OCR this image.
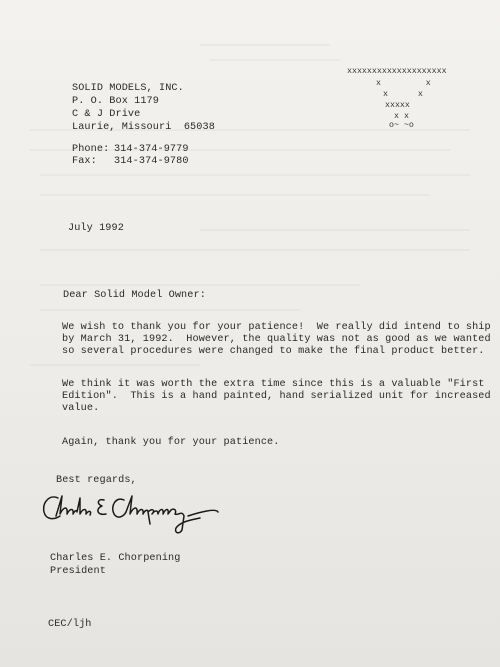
SOLID MODELS, INC.
P. O. Box 1179
C & J Drive
Laurie, Missouri  65038
Phone: 314-374-9779
Fax: 314-374-9780
xxxxxxxxxxxxxxxxxxxx
x         x
x      x
xxxxx
x x
o~ ~o
July 1992
Dear Solid Model Owner:
We wish to thank you for your patience!  We really did intend to ship
by March 31, 1992.  However, the quality was not as good as we wanted
so several procedures were changed to make the final product better.
We think it was worth the extra time since this is a valuable "First
Edition".  This is a hand painted, hand serialized unit for increased
value.
Again, thank you for your patience.
Best regards,
Charles E. Chorpening
President
CEC/ljh
